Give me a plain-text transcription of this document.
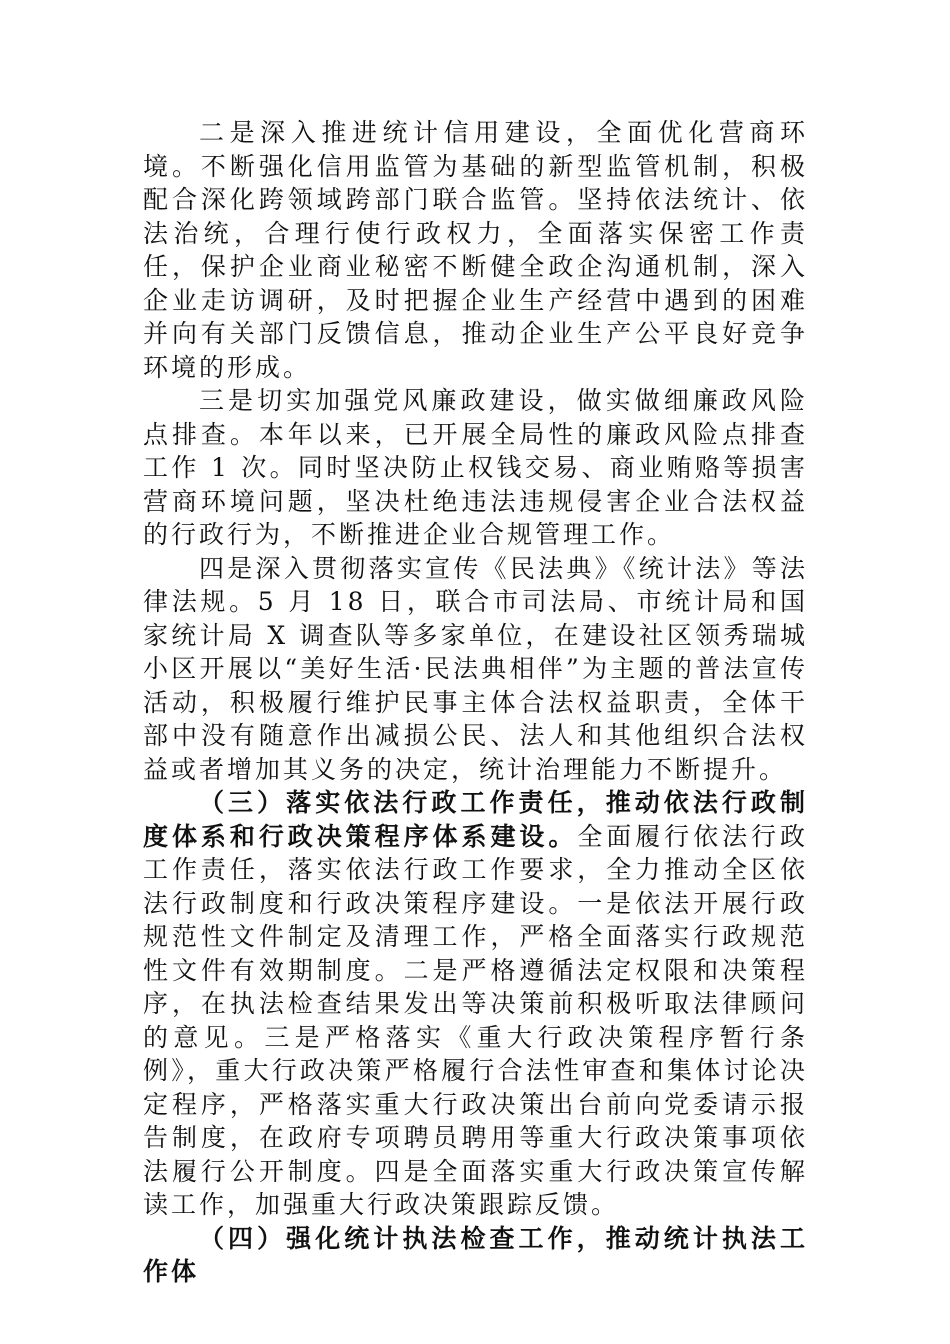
二是深入推进统计信用建设，全面优化营商环境。不断强化信用监管为基础的新型监管机制，积极配合深化跨领域跨部门联合监管。坚持依法统计、依法治统，合理行使行政权力，全面落实保密工作责任，保护企业商业秘密不断健全政企沟通机制，深入企业走访调研，及时把握企业生产经营中遇到的困难并向有关部门反馈信息，推动企业生产公平良好竞争环境的形成。

三是切实加强党风廉政建设，做实做细廉政风险点排查。本年以来，已开展全局性的廉政风险点排查工作 1 次。同时坚决防止权钱交易、商业贿赂等损害营商环境问题，坚决杜绝违法违规侵害企业合法权益的行政行为，不断推进企业合规管理工作。

四是深入贯彻落实宣传《民法典》《统计法》等法律法规。5 月 18 日，联合市司法局、市统计局和国家统计局 X 调查队等多家单位，在建设社区领秀瑞城小区开展以“美好生活·民法典相伴”为主题的普法宣传活动，积极履行维护民事主体合法权益职责，全体干部中没有随意作出减损公民、法人和其他组织合法权益或者增加其义务的决定，统计治理能力不断提升。

（三）落实依法行政工作责任，推动依法行政制度体系和行政决策程序体系建设。全面履行依法行政工作责任，落实依法行政工作要求，全力推动全区依法行政制度和行政决策程序建设。一是依法开展行政规范性文件制定及清理工作，严格全面落实行政规范性文件有效期制度。二是严格遵循法定权限和决策程序，在执法检查结果发出等决策前积极听取法律顾问的意见。三是严格落实《重大行政决策程序暂行条例》，重大行政决策严格履行合法性审查和集体讨论决定程序，严格落实重大行政决策出台前向党委请示报告制度，在政府专项聘员聘用等重大行政决策事项依法履行公开制度。四是全面落实重大行政决策宣传解读工作，加强重大行政决策跟踪反馈。

（四）强化统计执法检查工作，推动统计执法工作体
